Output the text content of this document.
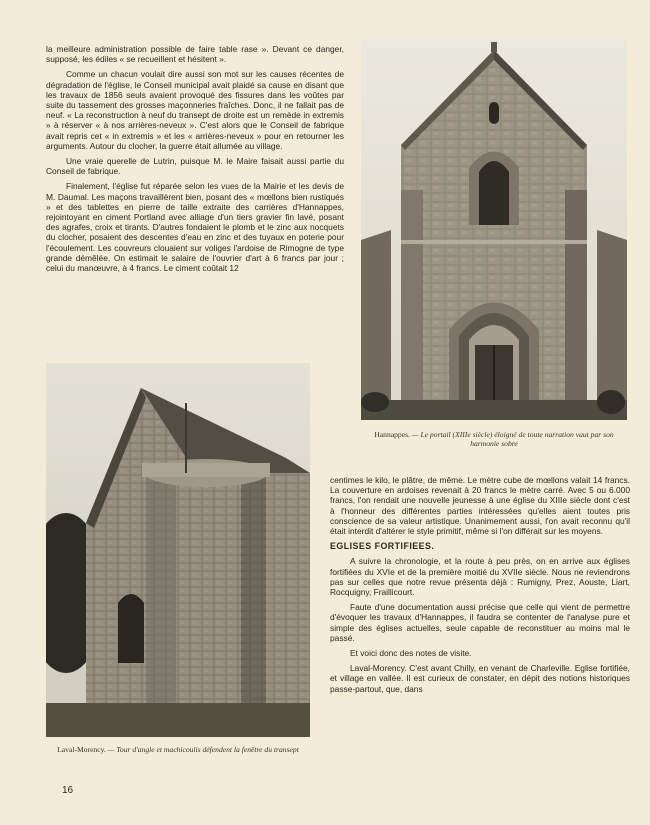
la meilleure administration possible de faire table rase ». Devant ce danger, supposé, les édiles « se recueillent et hésitent ».

Comme un chacun voulait dire aussi son mot sur les causes récentes de dégradation de l'église, le Conseil municipal avait plaidé sa cause en disant que les travaux de 1856 seuls avaient provoqué des fissures dans les voûtes par suite du tassement des grosses maçonneries fraîches. Donc, il ne fallait pas de neuf. « La reconstruction à neuf du transept de droite est un remède in extremis » à réserver « à nos arrières-neveux ». C'est alors que le Conseil de fabrique avait repris cet « in extremis » et les « arrières-neveux » pour en retourner les arguments. Autour du clocher, la guerre était allumée au village.

Une vraie querelle de Lutrin, puisque M. le Maire faisait aussi partie du Conseil de fabrique.

Finalement, l'église fut réparée selon les vues de la Mairie et les devis de M. Daumal. Les maçons travaillèrent bien, posant des « mœllons bien rustiqués » et des tablettes en pierre de taille extraite des carrières d'Hannappes, rejointoyant en ciment Portland avec alliage d'un tiers gravier fin lavé, posant des agrafes, croix et tirants. D'autres fondaient le plomb et le zinc aux nocquets du clocher, posaient des descentes d'eau en zinc et des tuyaux en poterie pour l'écoulement. Les couvreurs clouaient sur voliges l'ardoise de Rimogne de type grande démêlée. On estimait le salaire de l'ouvrier d'art à 6 francs par jour ; celui du manœuvre, à 4 francs. Le ciment coûtait 12

Hannappes. — Le portail (XIIIe siècle) éloigné de toute narration vaut par son harmonie sobre
Laval-Morency. — Tour d'angle et machicoulis défendent la fenêtre du transept

centimes le kilo, le plâtre, de même. Le mètre cube de mœllons valait 14 francs. La couverture en ardoises revenait à 20 francs le mètre carré. Avec 5 ou 6.000 francs, l'on rendait une nouvelle jeunesse à une église du XIIIe siècle dont c'est à l'honneur des différentes parties intéressées qu'elles aient toutes pris conscience de sa valeur artistique. Unanimement aussi, l'on avait reconnu qu'il était interdit d'altérer le style primitif, même si l'on différait sur les moyens.

EGLISES FORTIFIEES.

A suivre la chronologie, et la route à peu près, on en arrive aux églises fortifiées du XVIe et de la première moitié du XVIIe siècle. Nous ne reviendrons pas sur celles que notre revue présenta déjà : Rumigny, Prez, Aouste, Liart, Rocquigny, Fraillicourt.

Faute d'une documentation aussi précise que celle qui vient de permettre d'évoquer les travaux d'Hannappes, il faudra se contenter de l'analyse pure et simple des églises actuelles, seule capable de reconstituer au moins mal le passé.

Et voici donc des notes de visite.

Laval-Morency. C'est avant Chilly, en venant de Charleville. Eglise fortifiée, et village en vallée. Il est curieux de constater, en dépit des notions historiques passe-partout, que, dans

16
